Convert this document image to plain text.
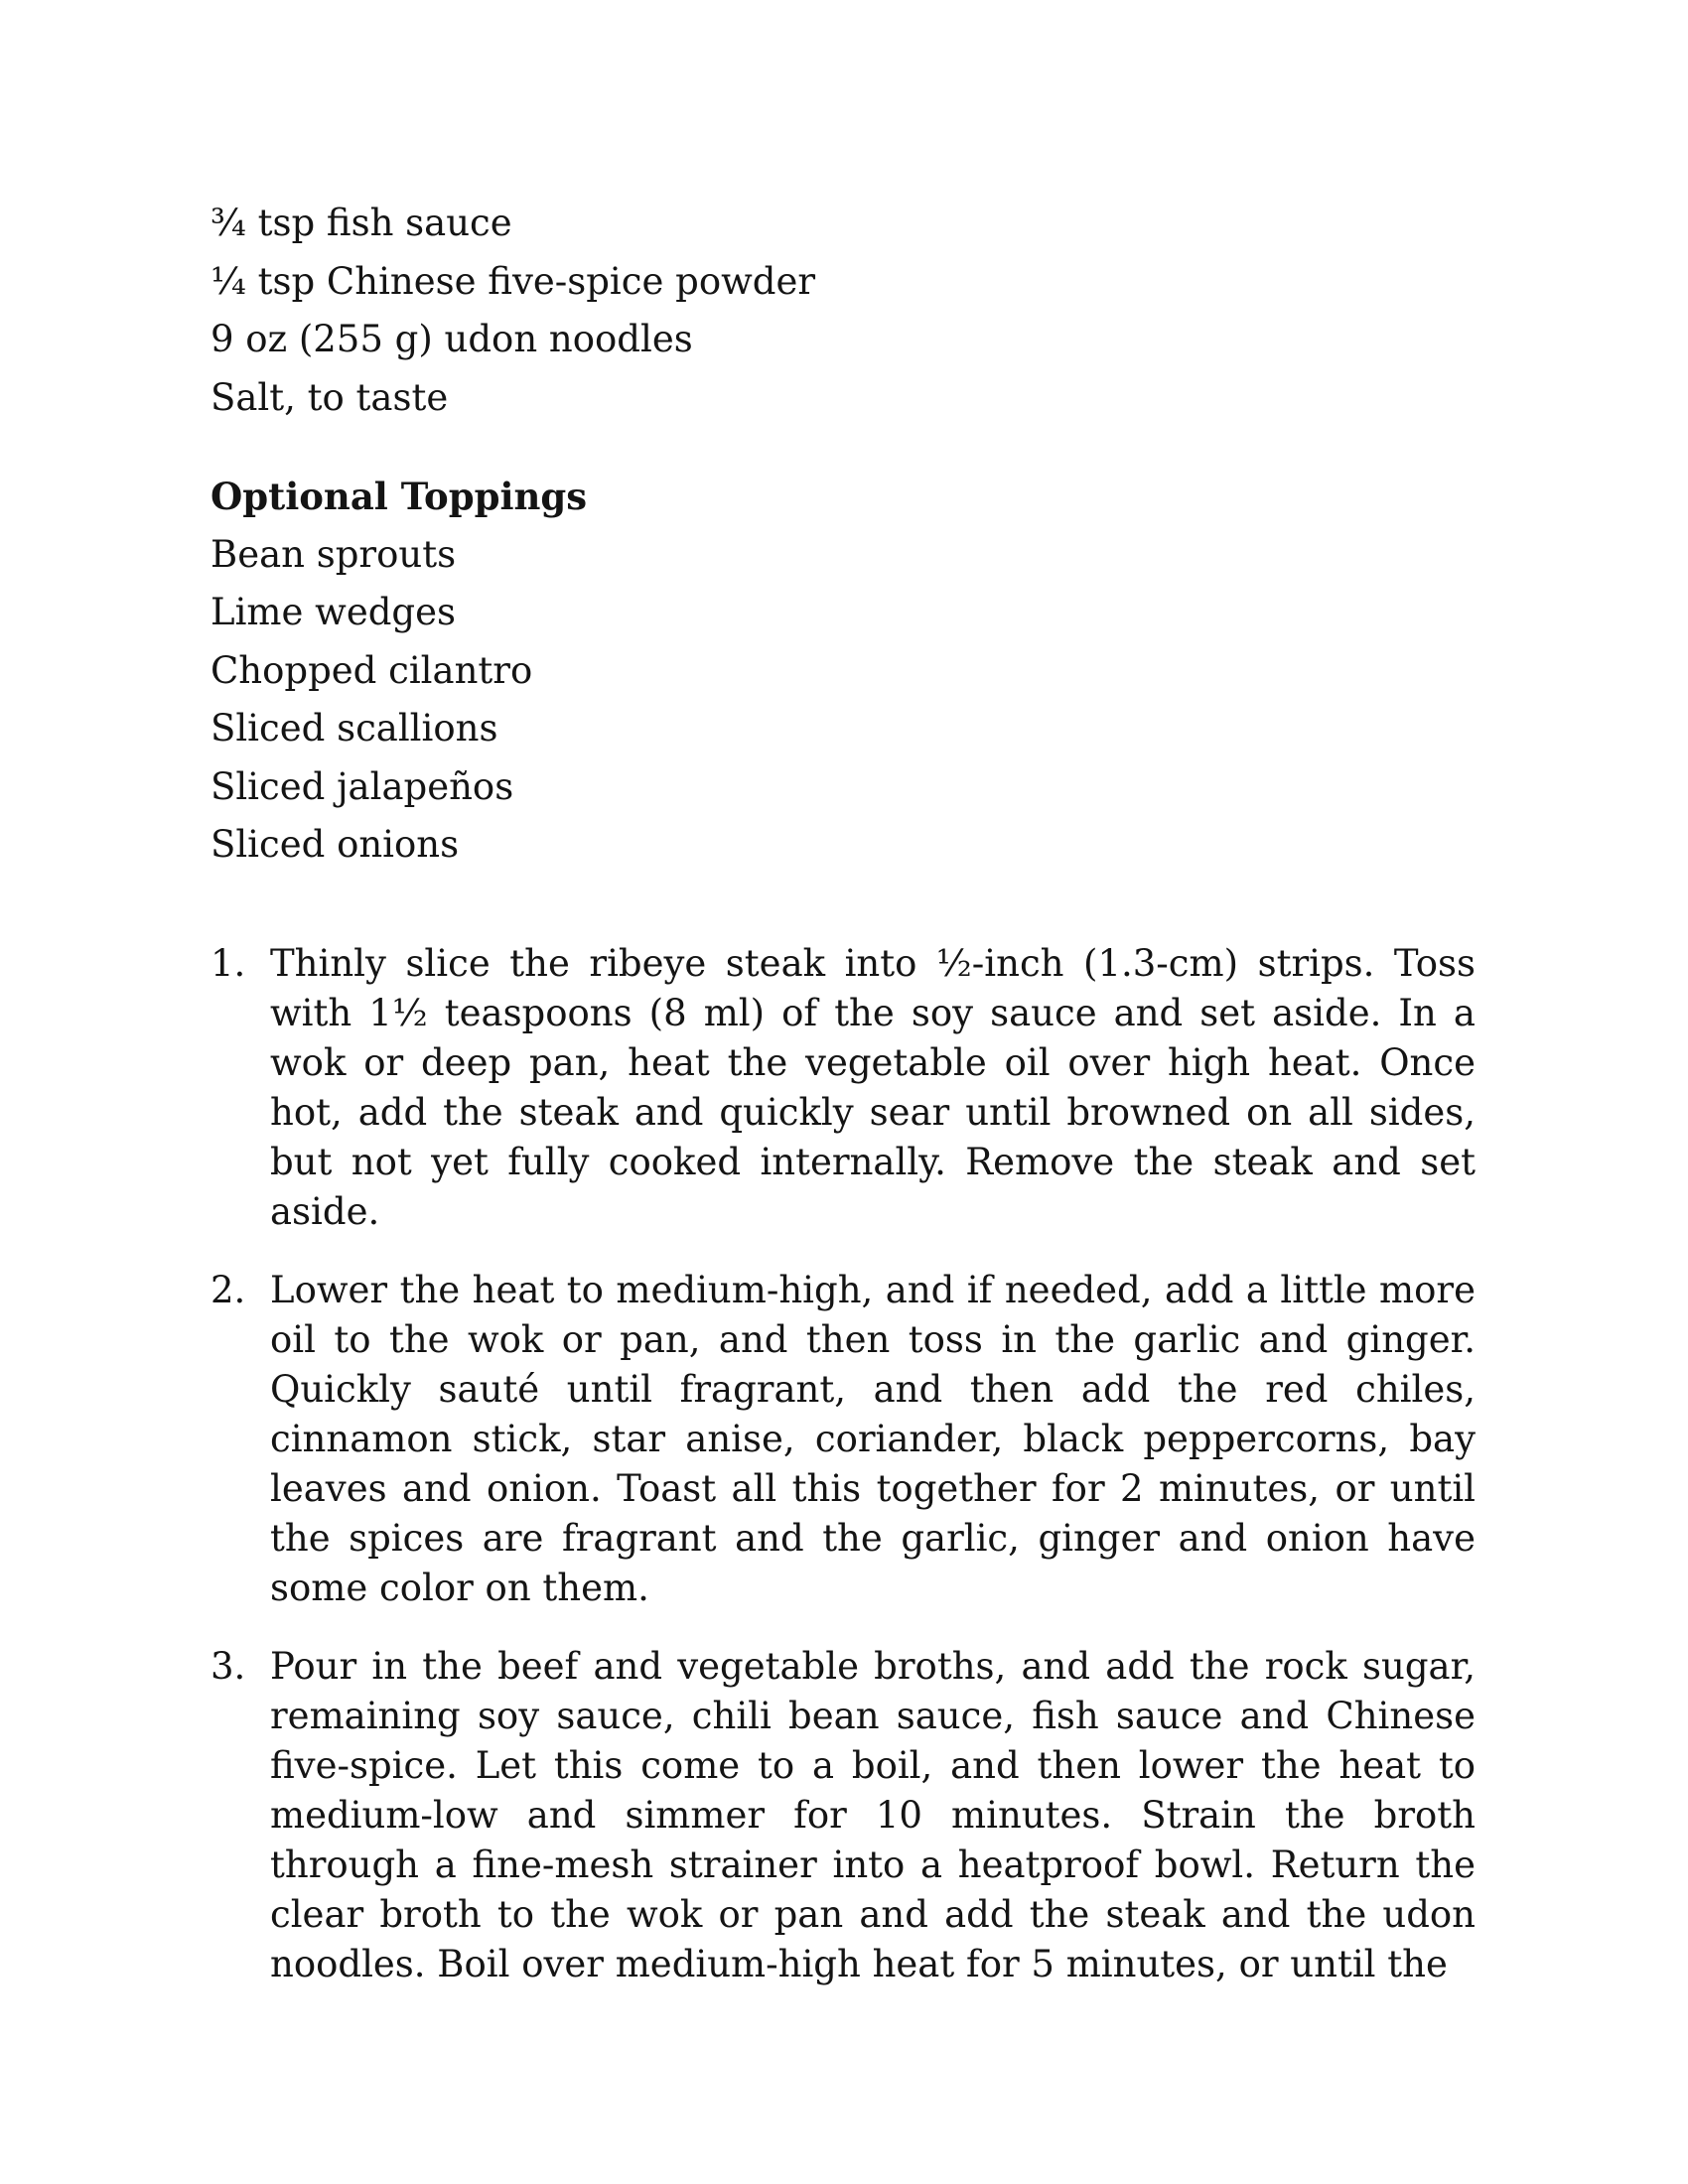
¾ tsp fish sauce
¼ tsp Chinese five-spice powder
9 oz (255 g) udon noodles
Salt, to taste
Optional Toppings
Bean sprouts
Lime wedges
Chopped cilantro
Sliced scallions
Sliced jalapeños
Sliced onions
1. Thinly slice the ribeye steak into ½-inch (1.3-cm) strips. Toss with 1½ teaspoons (8 ml) of the soy sauce and set aside. In a wok or deep pan, heat the vegetable oil over high heat. Once hot, add the steak and quickly sear until browned on all sides, but not yet fully cooked internally. Remove the steak and set aside.

2. Lower the heat to medium-high, and if needed, add a little more oil to the wok or pan, and then toss in the garlic and ginger. Quickly sauté until fragrant, and then add the red chiles, cinnamon stick, star anise, coriander, black peppercorns, bay leaves and onion. Toast all this together for 2 minutes, or until the spices are fragrant and the garlic, ginger and onion have some color on them.

3. Pour in the beef and vegetable broths, and add the rock sugar, remaining soy sauce, chili bean sauce, fish sauce and Chinese five-spice. Let this come to a boil, and then lower the heat to medium-low and simmer for 10 minutes. Strain the broth through a fine-mesh strainer into a heatproof bowl. Return the clear broth to the wok or pan and add the steak and the udon noodles. Boil over medium-high heat for 5 minutes, or until the
